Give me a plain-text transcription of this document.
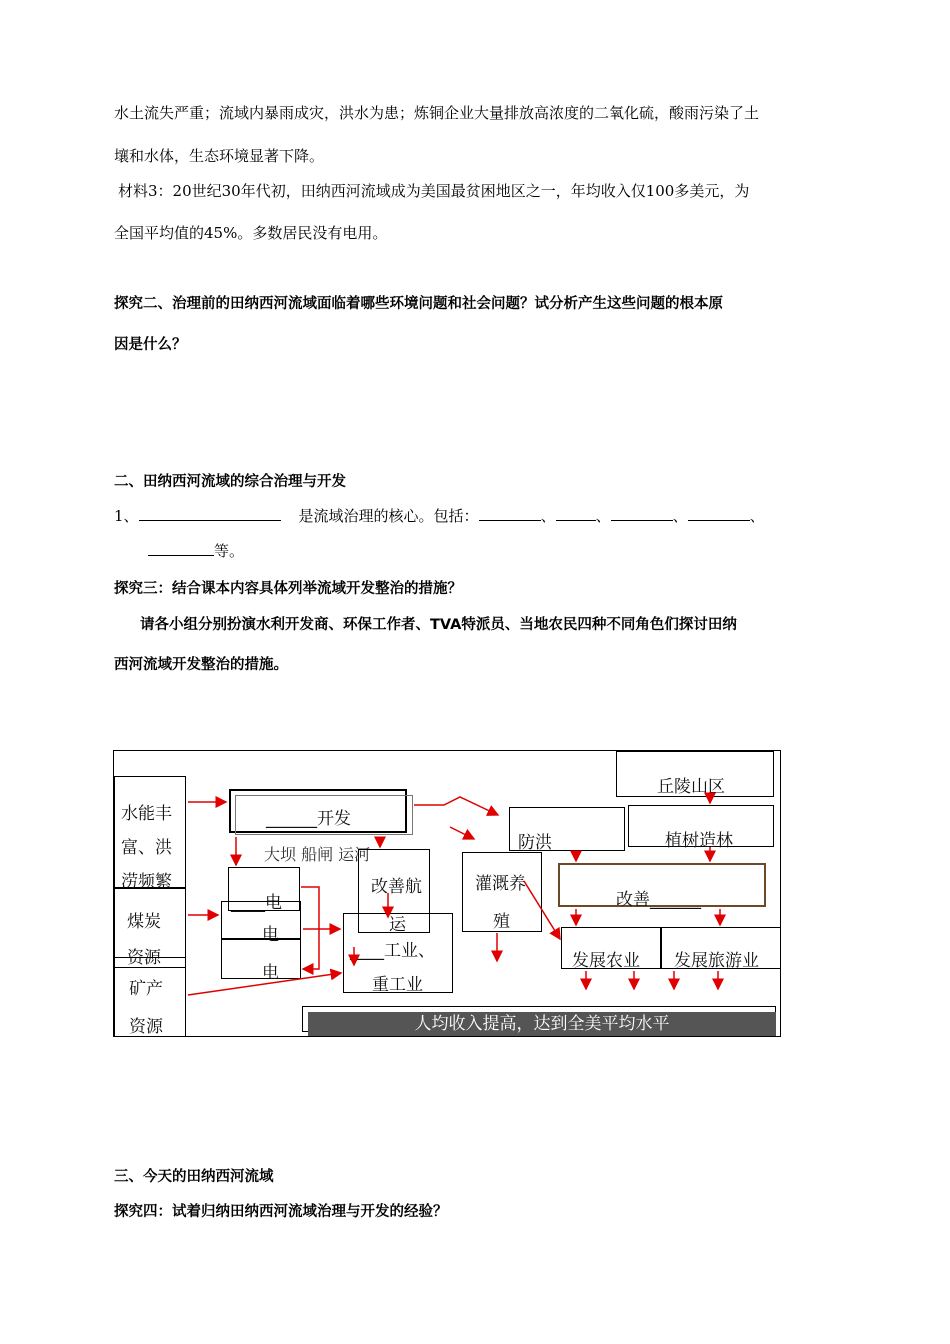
水土流失严重；流域内暴雨成灾，洪水为患；炼铜企业大量排放高浓度的二氧化硫，酸雨污染了土
壤和水体，生态环境显著下降。
材料3：20世纪30年代初，田纳西河流域成为美国最贫困地区之一，年均收入仅100多美元，为
全国平均值的45%。多数居民没有电用。
探究二、治理前的田纳西河流域面临着哪些环境问题和社会问题？试分析产生这些问题的根本原
因是什么？
二、田纳西河流域的综合治理与开发
1、	是流域治理的核心。包括：	、	、	、	、
等。
探究三：结合课本内容具体列举流域开发整治的措施？
请各小组分别扮演水利开发商、环保工作者、TVA特派员、当地农民四种不同角色们探讨田纳
西河流域开发整治的措施。
水能丰
富、洪
涝频繁
煤炭
资源
矿产
资源
______开发
大坝 船闸 运河
____电
电
电
改善航
运
____工业、
重工业
灌溉养
殖
防洪
丘陵山区
植树造林
改善______
发展农业 发展旅游业
人均收入提高，达到全美平均水平
三、今天的田纳西河流域
探究四：试着归纳田纳西河流域治理与开发的经验？
